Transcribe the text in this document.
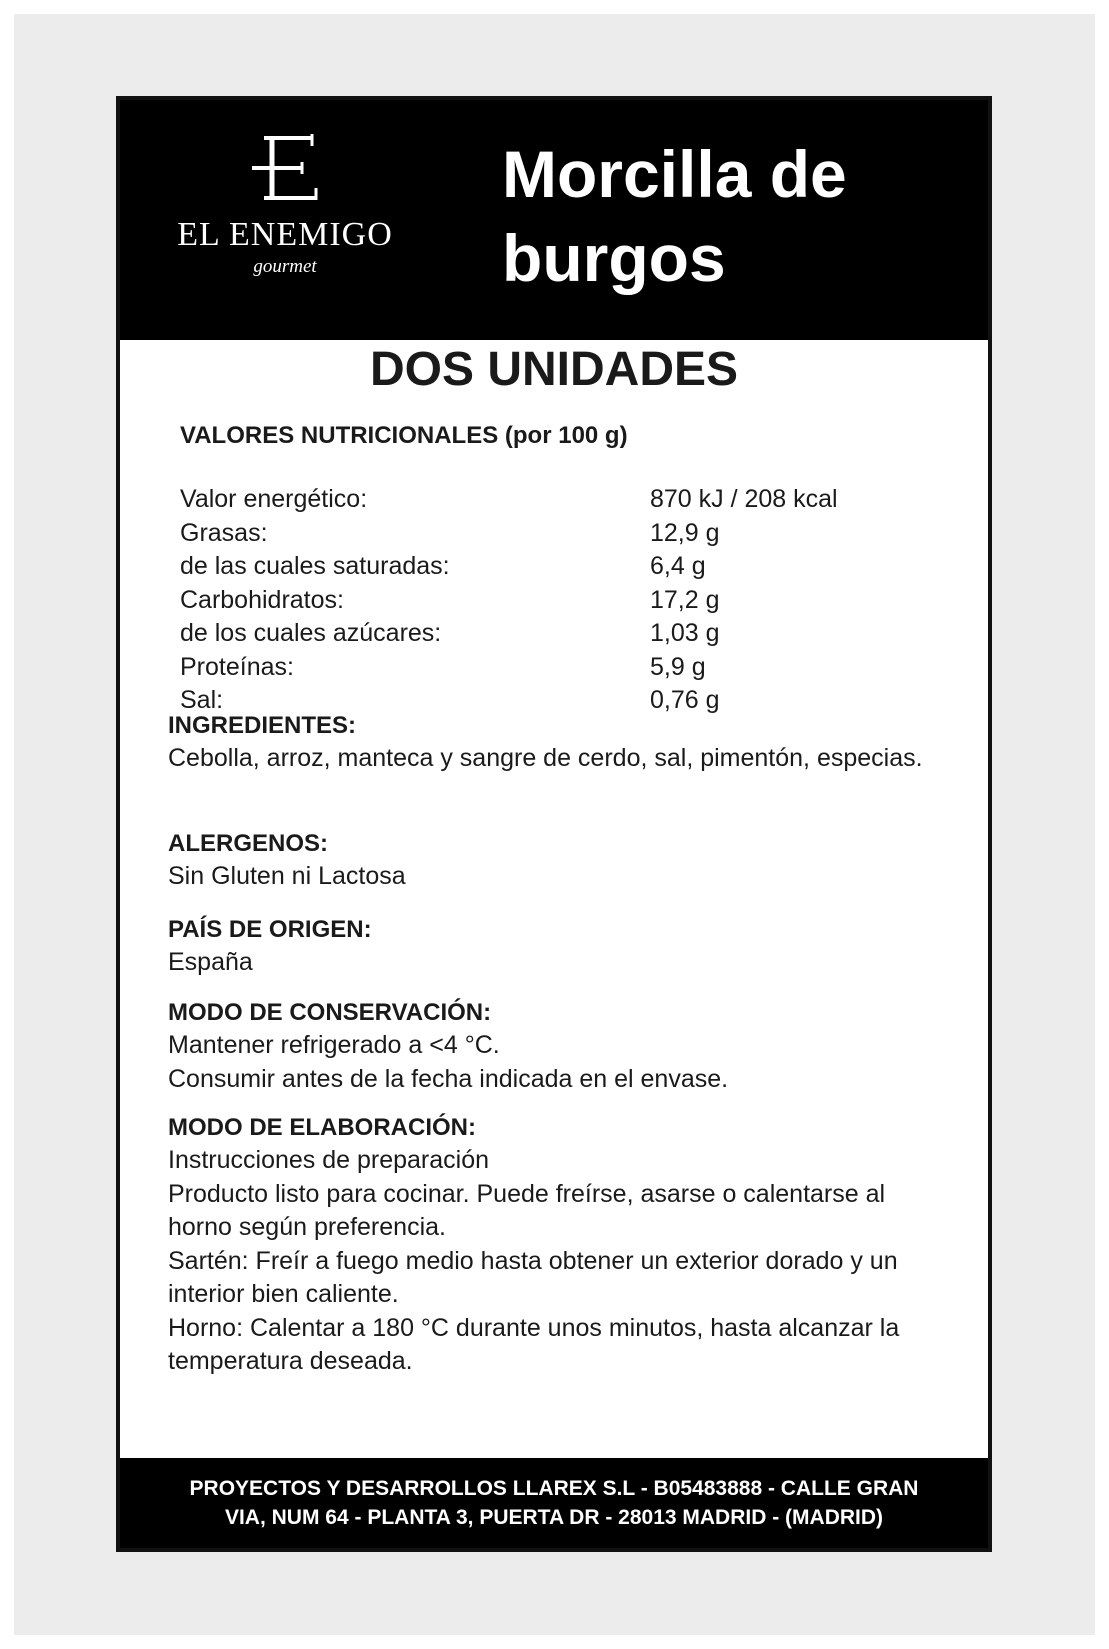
EL ENEMIGO
gourmet
Morcilla de
burgos
DOS UNIDADES
VALORES NUTRICIONALES (por 100 g)
Valor energético:	870 kJ / 208 kcal
Grasas:	12,9 g
de las cuales saturadas:	6,4 g
Carbohidratos:	17,2 g
de los cuales azúcares:	1,03 g
Proteínas:	5,9 g
Sal:	0,76 g
INGREDIENTES:
Cebolla, arroz, manteca y sangre de cerdo, sal, pimentón, especias.
ALERGENOS:
Sin Gluten ni Lactosa
PAÍS DE ORIGEN:
España
MODO DE CONSERVACIÓN:
Mantener refrigerado a <4 °C.
Consumir antes de la fecha indicada en el envase.
MODO DE ELABORACIÓN:
Instrucciones de preparación
Producto listo para cocinar. Puede freírse, asarse o calentarse al horno según preferencia.
Sartén: Freír a fuego medio hasta obtener un exterior dorado y un interior bien caliente.
Horno: Calentar a 180 °C durante unos minutos, hasta alcanzar la temperatura deseada.
PROYECTOS Y DESARROLLOS LLAREX S.L - B05483888 - CALLE GRAN
VIA, NUM 64 - PLANTA 3, PUERTA DR - 28013 MADRID - (MADRID)
